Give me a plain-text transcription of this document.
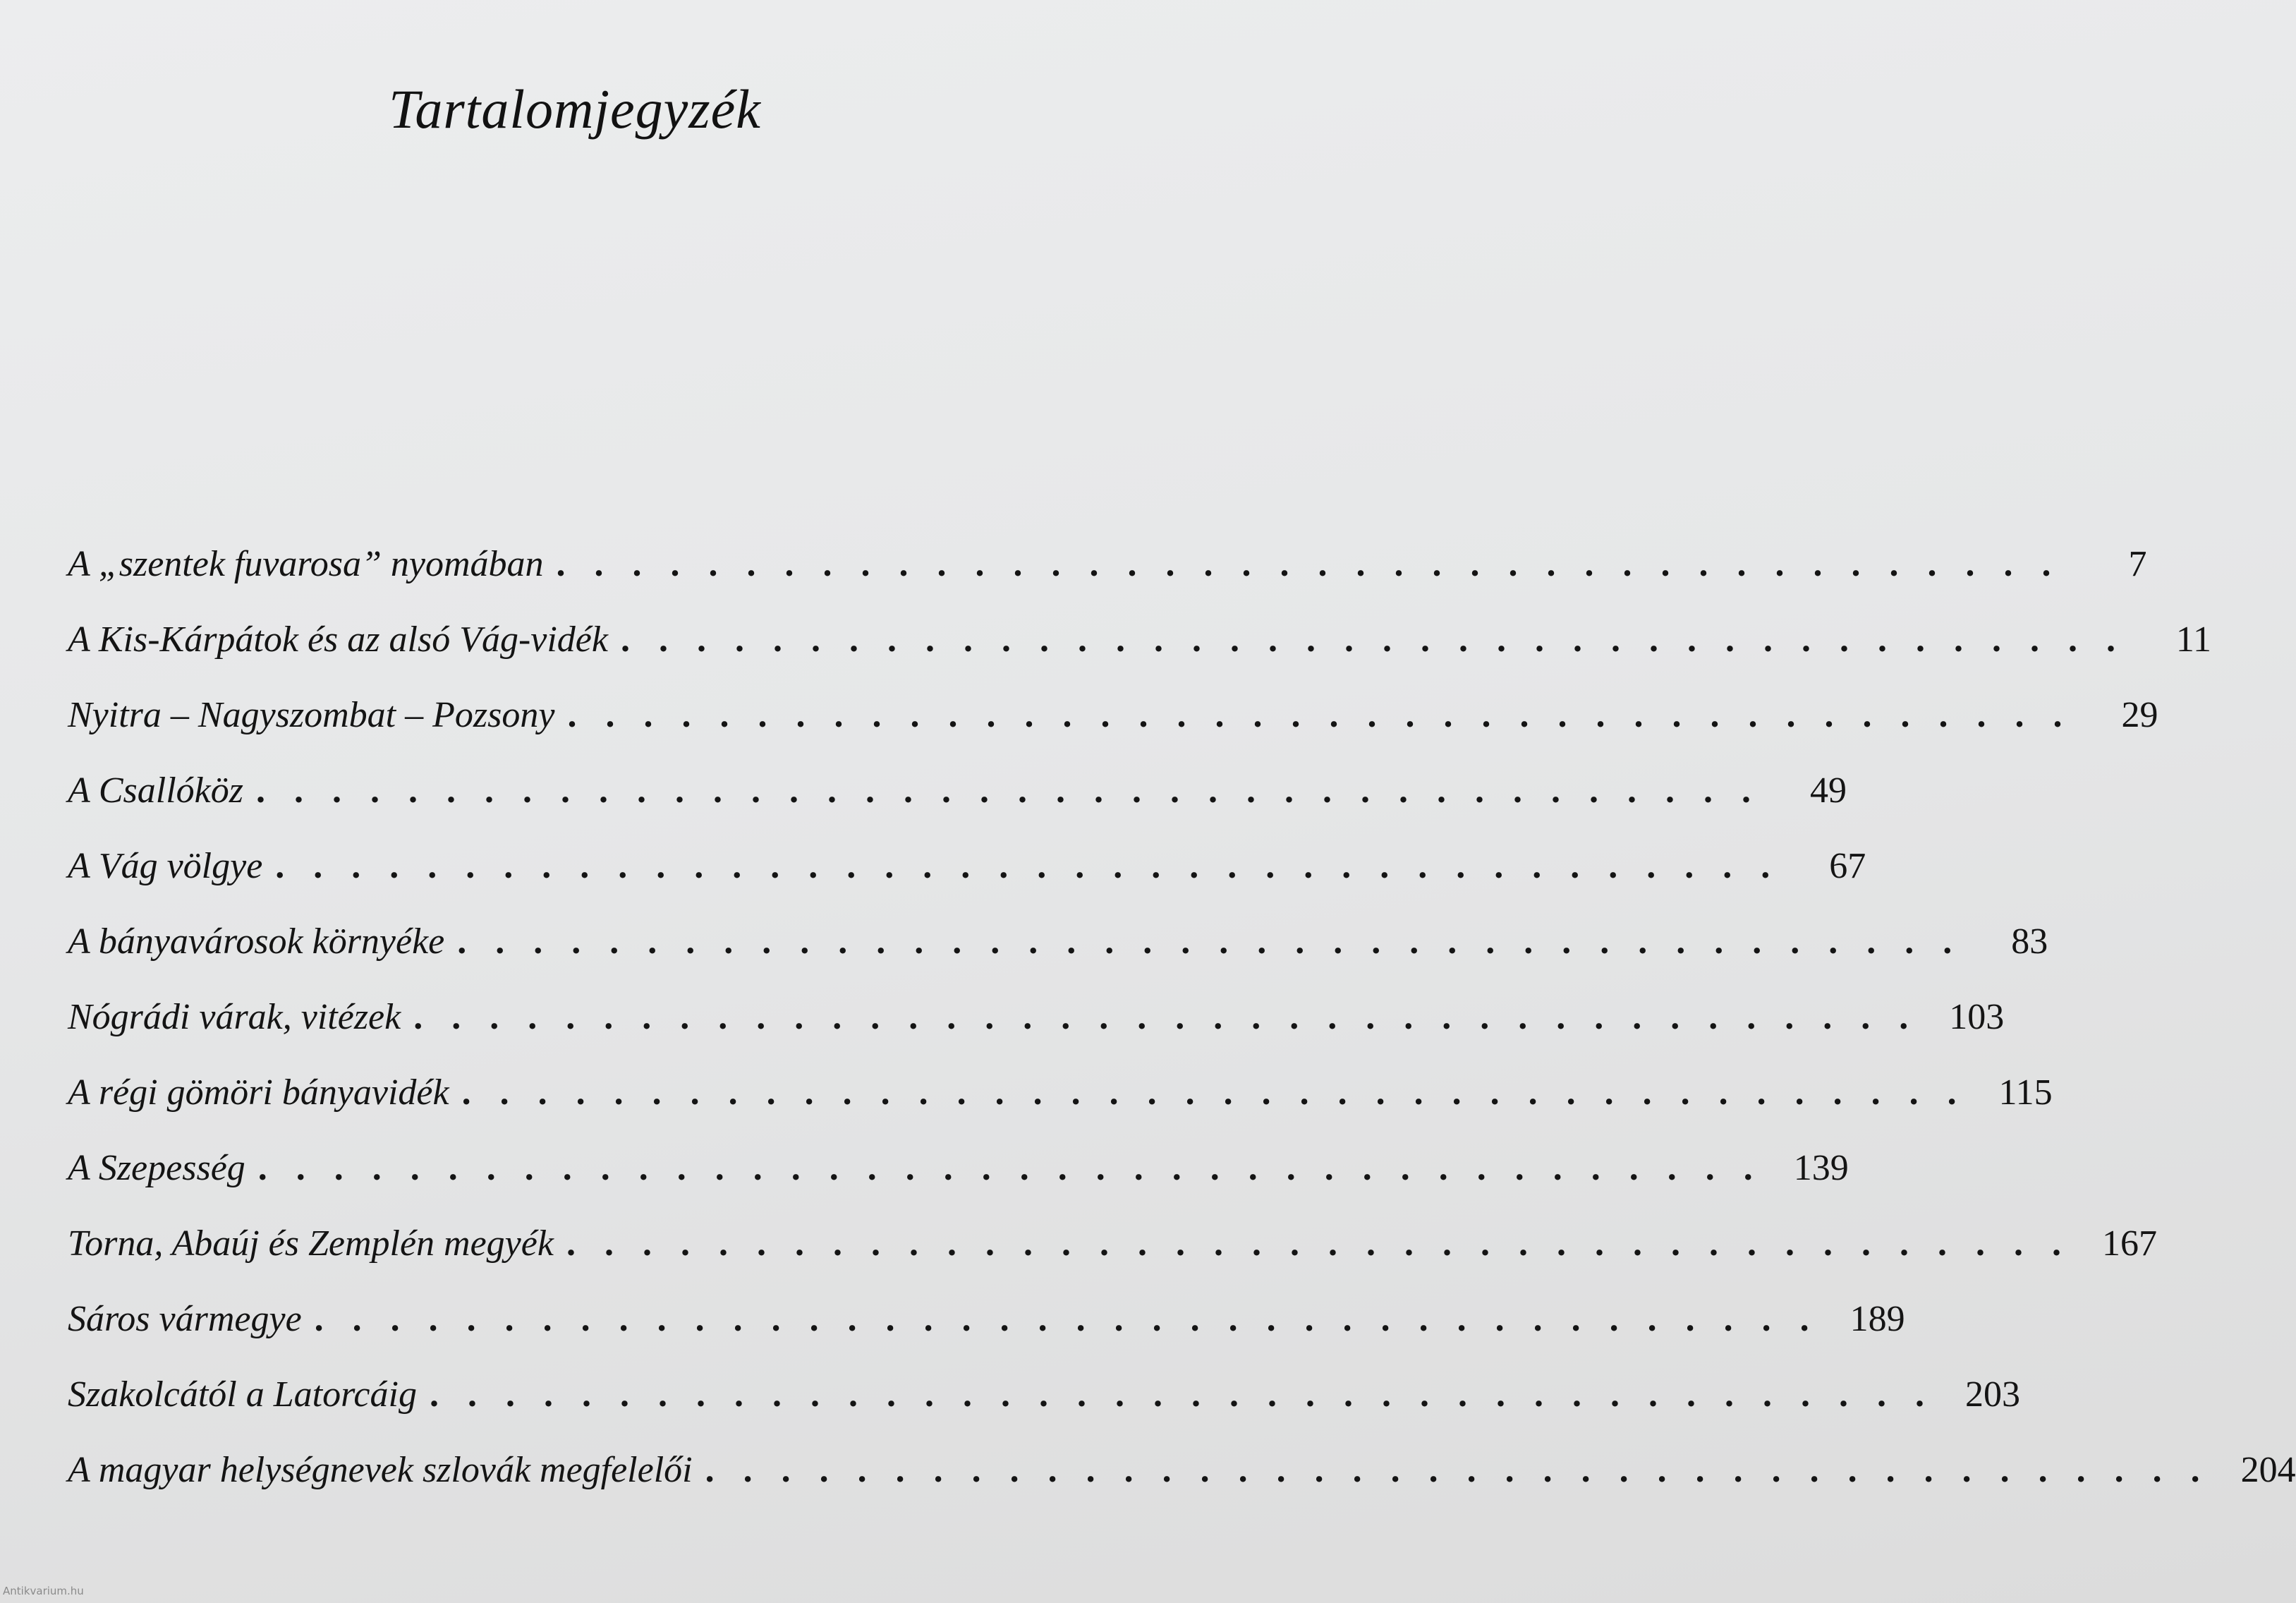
Tartalomjegyzék
A „szentek fuvarosa” nyomában . . . . . . . . . . . . . . . . . . . . . . . . . . . . . . . . . . . . . . . .	7
A Kis-Kárpátok és az alsó Vág-vidék . . . . . . . . . . . . . . . . . . . . . . . . . . . . . . . . . . . . . . . .	11
Nyitra – Nagyszombat – Pozsony . . . . . . . . . . . . . . . . . . . . . . . . . . . . . . . . . . . . . . . .	29
A Csallóköz . . . . . . . . . . . . . . . . . . . . . . . . . . . . . . . . . . . . . . . .	49
A Vág völgye . . . . . . . . . . . . . . . . . . . . . . . . . . . . . . . . . . . . . . . .	67
A bányavárosok környéke . . . . . . . . . . . . . . . . . . . . . . . . . . . . . . . . . . . . . . . .	83
Nógrádi várak, vitézek . . . . . . . . . . . . . . . . . . . . . . . . . . . . . . . . . . . . . . . . 103
A régi gömöri bányavidék . . . . . . . . . . . . . . . . . . . . . . . . . . . . . . . . . . . . . . . . 115
A Szepesség . . . . . . . . . . . . . . . . . . . . . . . . . . . . . . . . . . . . . . . . 139
Torna, Abaúj és Zemplén megyék . . . . . . . . . . . . . . . . . . . . . . . . . . . . . . . . . . . . . . . . 167
Sáros vármegye . . . . . . . . . . . . . . . . . . . . . . . . . . . . . . . . . . . . . . . . 189
Szakolcától a Latorcáig . . . . . . . . . . . . . . . . . . . . . . . . . . . . . . . . . . . . . . . . 203
A magyar helységnevek szlovák megfelelői . . . . . . . . . . . . . . . . . . . . . . . . . . . . . . . . . . . . . . . . 204
Antikvarium.hu
